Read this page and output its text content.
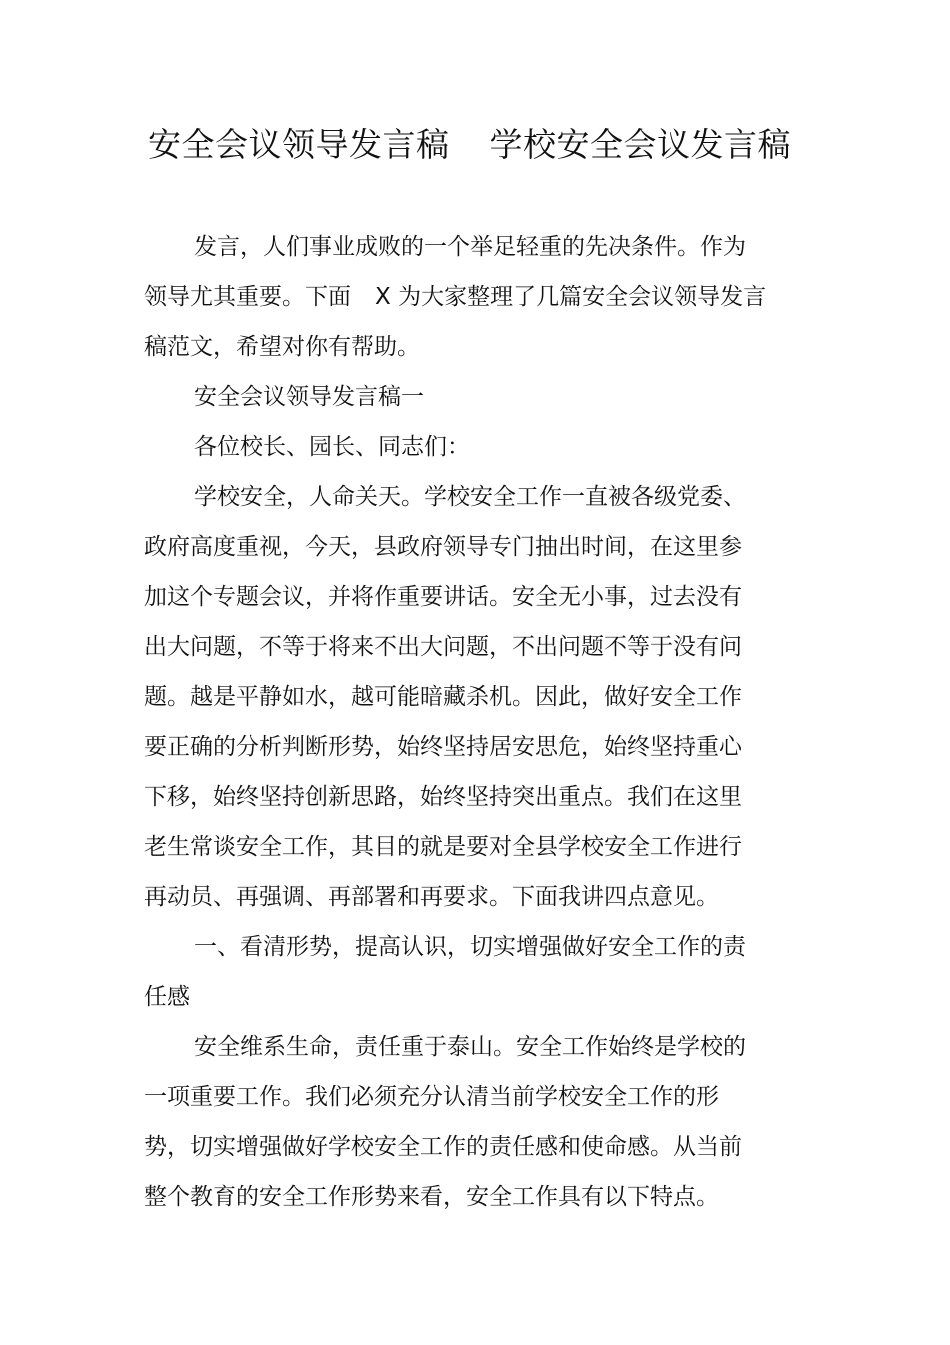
安全会议领导发言稿 学校安全会议发言稿
发言，人们事业成败的一个举足轻重的先决条件。作为
领导尤其重要。下面 X 为大家整理了几篇安全会议领导发言
稿范文，希望对你有帮助。
安全会议领导发言稿一
各位校长、园长、同志们：
学校安全，人命关天。学校安全工作一直被各级党委、
政府高度重视，今天，县政府领导专门抽出时间，在这里参
加这个专题会议，并将作重要讲话。安全无小事，过去没有
出大问题，不等于将来不出大问题，不出问题不等于没有问
题。越是平静如水，越可能暗藏杀机。因此，做好安全工作
要正确的分析判断形势，始终坚持居安思危，始终坚持重心
下移，始终坚持创新思路，始终坚持突出重点。我们在这里
老生常谈安全工作，其目的就是要对全县学校安全工作进行
再动员、再强调、再部署和再要求。下面我讲四点意见。
一、看清形势，提高认识，切实增强做好安全工作的责
任感
安全维系生命，责任重于泰山。安全工作始终是学校的
一项重要工作。我们必须充分认清当前学校安全工作的形
势，切实增强做好学校安全工作的责任感和使命感。从当前
整个教育的安全工作形势来看，安全工作具有以下特点。
